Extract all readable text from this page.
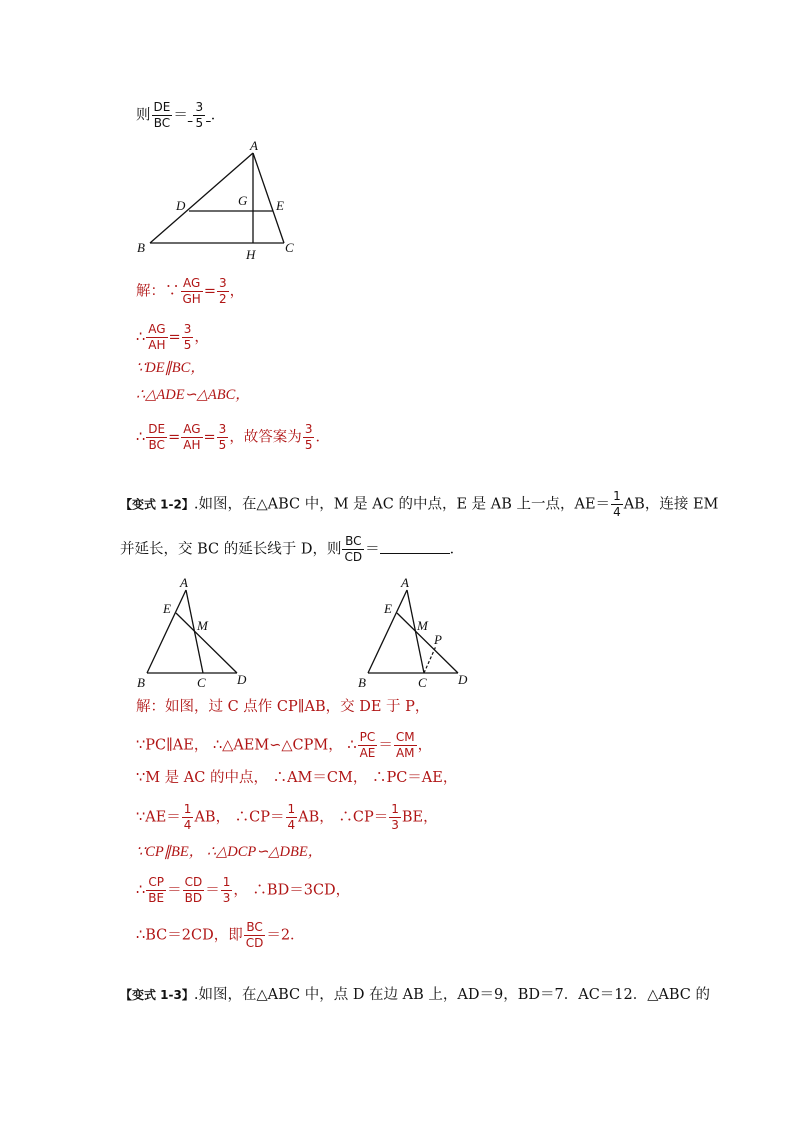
则 $\frac{DE}{BC} = \frac{3}{5}$ ．
A
D	G E
B	H C
解：∵ $\frac{AG}{GH} = \frac{3}{2}$ ，
∴ $\frac{AG}{AH} = \frac{3}{5}$ ，
∵DE∥BC，
∴△ADE∽△ABC，
∴ $\frac{DE}{BC} = \frac{AG}{AH} = \frac{3}{5}$ ，故答案为 $\frac{3}{5}$ ．
【变式 1-2】.如图，在△ABC 中，M 是 AC 的中点，E 是 AB 上一点，$AE= \frac{1}{4}$ AB，连接 EM
并延长，交 BC 的延长线于 D，则 $\frac{BC}{CD}$ ＝	．
A
E
M
B	C D
A
E
M
P
B	C D
解：如图，过 C 点作 CP∥AB，交 DE 于 P，
∵PC∥AE， ∴△AEM∽△CPM， ∴ $\frac{PC}{AE} = \frac{CM}{AM}$ ，
∵M 是 AC 的中点， ∴AM＝CM， ∴PC＝AE，
∵AE＝ $\frac{1}{4}$ AB， ∴CP＝ $\frac{1}{4}$ AB， ∴CP＝ $\frac{1}{3}$ BE，
∵CP∥BE， ∴△DCP∽△DBE，
∴ $\frac{CP}{BE} = \frac{CD}{BD} = \frac{1}{3}$ ， ∴BD＝3CD，
∴BC＝2CD，即 $\frac{BC}{CD} =2$．
【变式 1-3】.如图，在△ABC 中，点 D 在边 AB 上，AD＝9，BD＝7．AC＝12．△ABC 的
